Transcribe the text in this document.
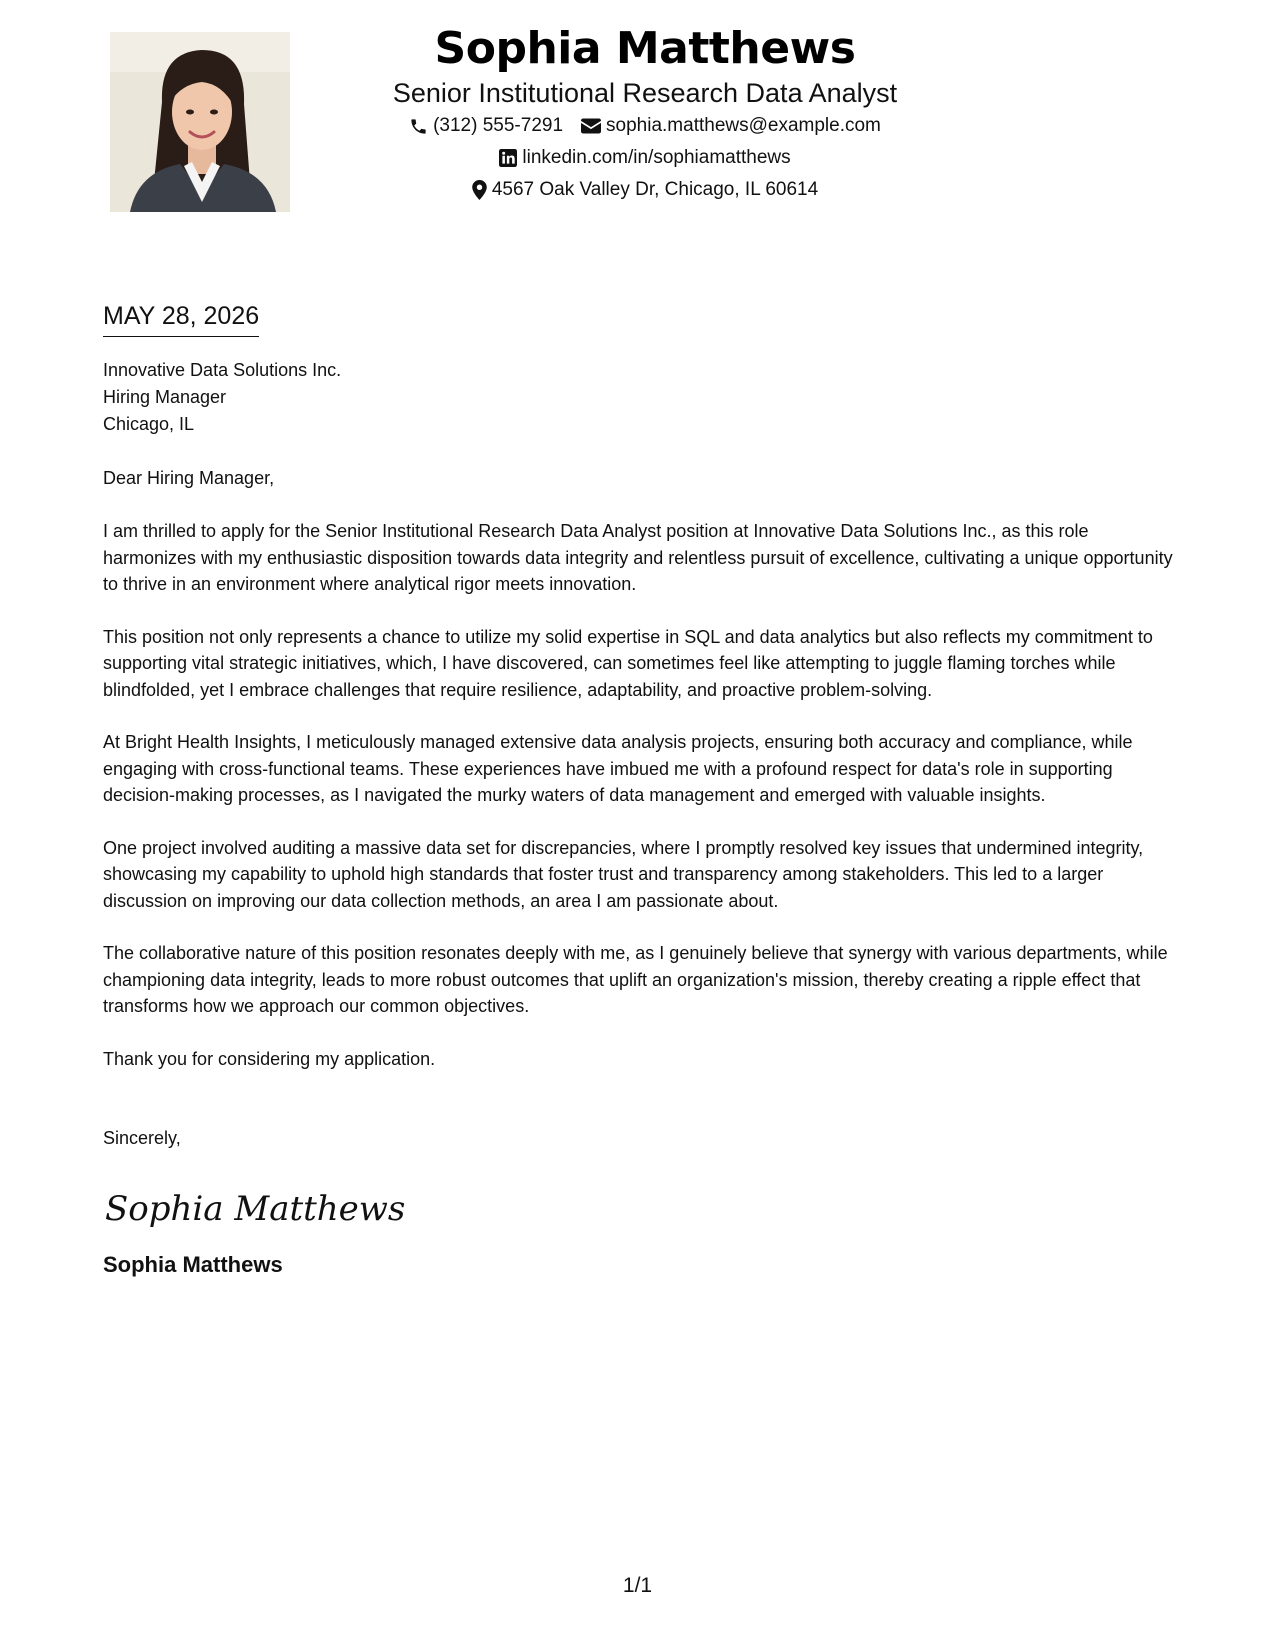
Sophia Matthews
Senior Institutional Research Data Analyst
(312) 555-7291 sophia.matthews@example.com
linkedin.com/in/sophiamatthews
4567 Oak Valley Dr, Chicago, IL 60614
MAY 28, 2026
Innovative Data Solutions Inc.
Hiring Manager
Chicago, IL
Dear Hiring Manager,
I am thrilled to apply for the Senior Institutional Research Data Analyst position at Innovative Data Solutions Inc., as this role harmonizes with my enthusiastic disposition towards data integrity and relentless pursuit of excellence, cultivating a unique opportunity to thrive in an environment where analytical rigor meets innovation.
This position not only represents a chance to utilize my solid expertise in SQL and data analytics but also reflects my commitment to supporting vital strategic initiatives, which, I have discovered, can sometimes feel like attempting to juggle flaming torches while blindfolded, yet I embrace challenges that require resilience, adaptability, and proactive problem-solving.
At Bright Health Insights, I meticulously managed extensive data analysis projects, ensuring both accuracy and compliance, while engaging with cross-functional teams. These experiences have imbued me with a profound respect for data's role in supporting decision-making processes, as I navigated the murky waters of data management and emerged with valuable insights.
One project involved auditing a massive data set for discrepancies, where I promptly resolved key issues that undermined integrity, showcasing my capability to uphold high standards that foster trust and transparency among stakeholders. This led to a larger discussion on improving our data collection methods, an area I am passionate about.
The collaborative nature of this position resonates deeply with me, as I genuinely believe that synergy with various departments, while championing data integrity, leads to more robust outcomes that uplift an organization's mission, thereby creating a ripple effect that transforms how we approach our common objectives.
Thank you for considering my application.
Sincerely,
Sophia Matthews
Sophia Matthews
1/1
